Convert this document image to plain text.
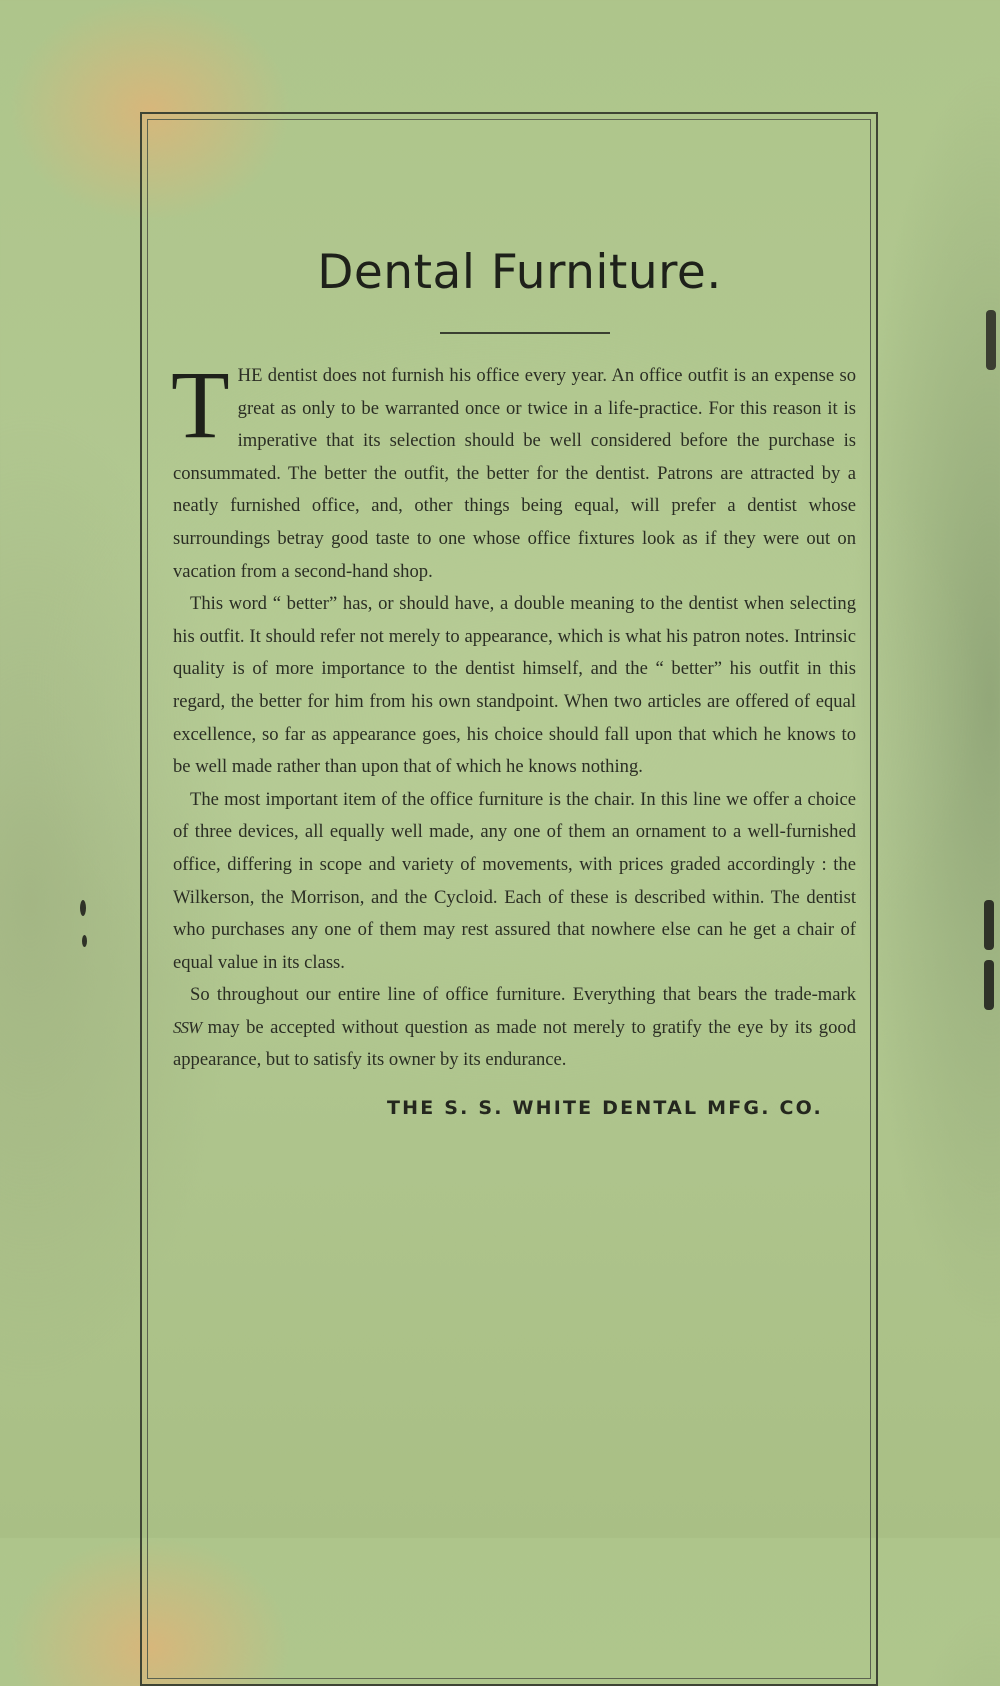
Dental Furniture.

THE dentist does not furnish his office every year. An office outfit is an expense so great as only to be warranted once or twice in a life-practice. For this reason it is imperative that its selection should be well considered before the purchase is consummated. The better the outfit, the better for the dentist. Patrons are attracted by a neatly furnished office, and, other things being equal, will prefer a dentist whose surroundings betray good taste to one whose office fixtures look as if they were out on vacation from a second-hand shop.

This word “ better” has, or should have, a double meaning to the dentist when selecting his outfit. It should refer not merely to appearance, which is what his patron notes. Intrinsic quality is of more importance to the dentist himself, and the “ better” his outfit in this regard, the better for him from his own standpoint. When two articles are offered of equal excellence, so far as appearance goes, his choice should fall upon that which he knows to be well made rather than upon that of which he knows nothing.

The most important item of the office furniture is the chair. In this line we offer a choice of three devices, all equally well made, any one of them an ornament to a well-furnished office, differing in scope and variety of movements, with prices graded accordingly : the Wilkerson, the Morrison, and the Cycloid. Each of these is described within. The dentist who purchases any one of them may rest assured that nowhere else can he get a chair of equal value in its class.

So throughout our entire line of office furniture. Everything that bears the trade-mark SSW may be accepted without question as made not merely to gratify the eye by its good appearance, but to satisfy its owner by its endurance.

THE S. S. WHITE DENTAL MFG. CO.
